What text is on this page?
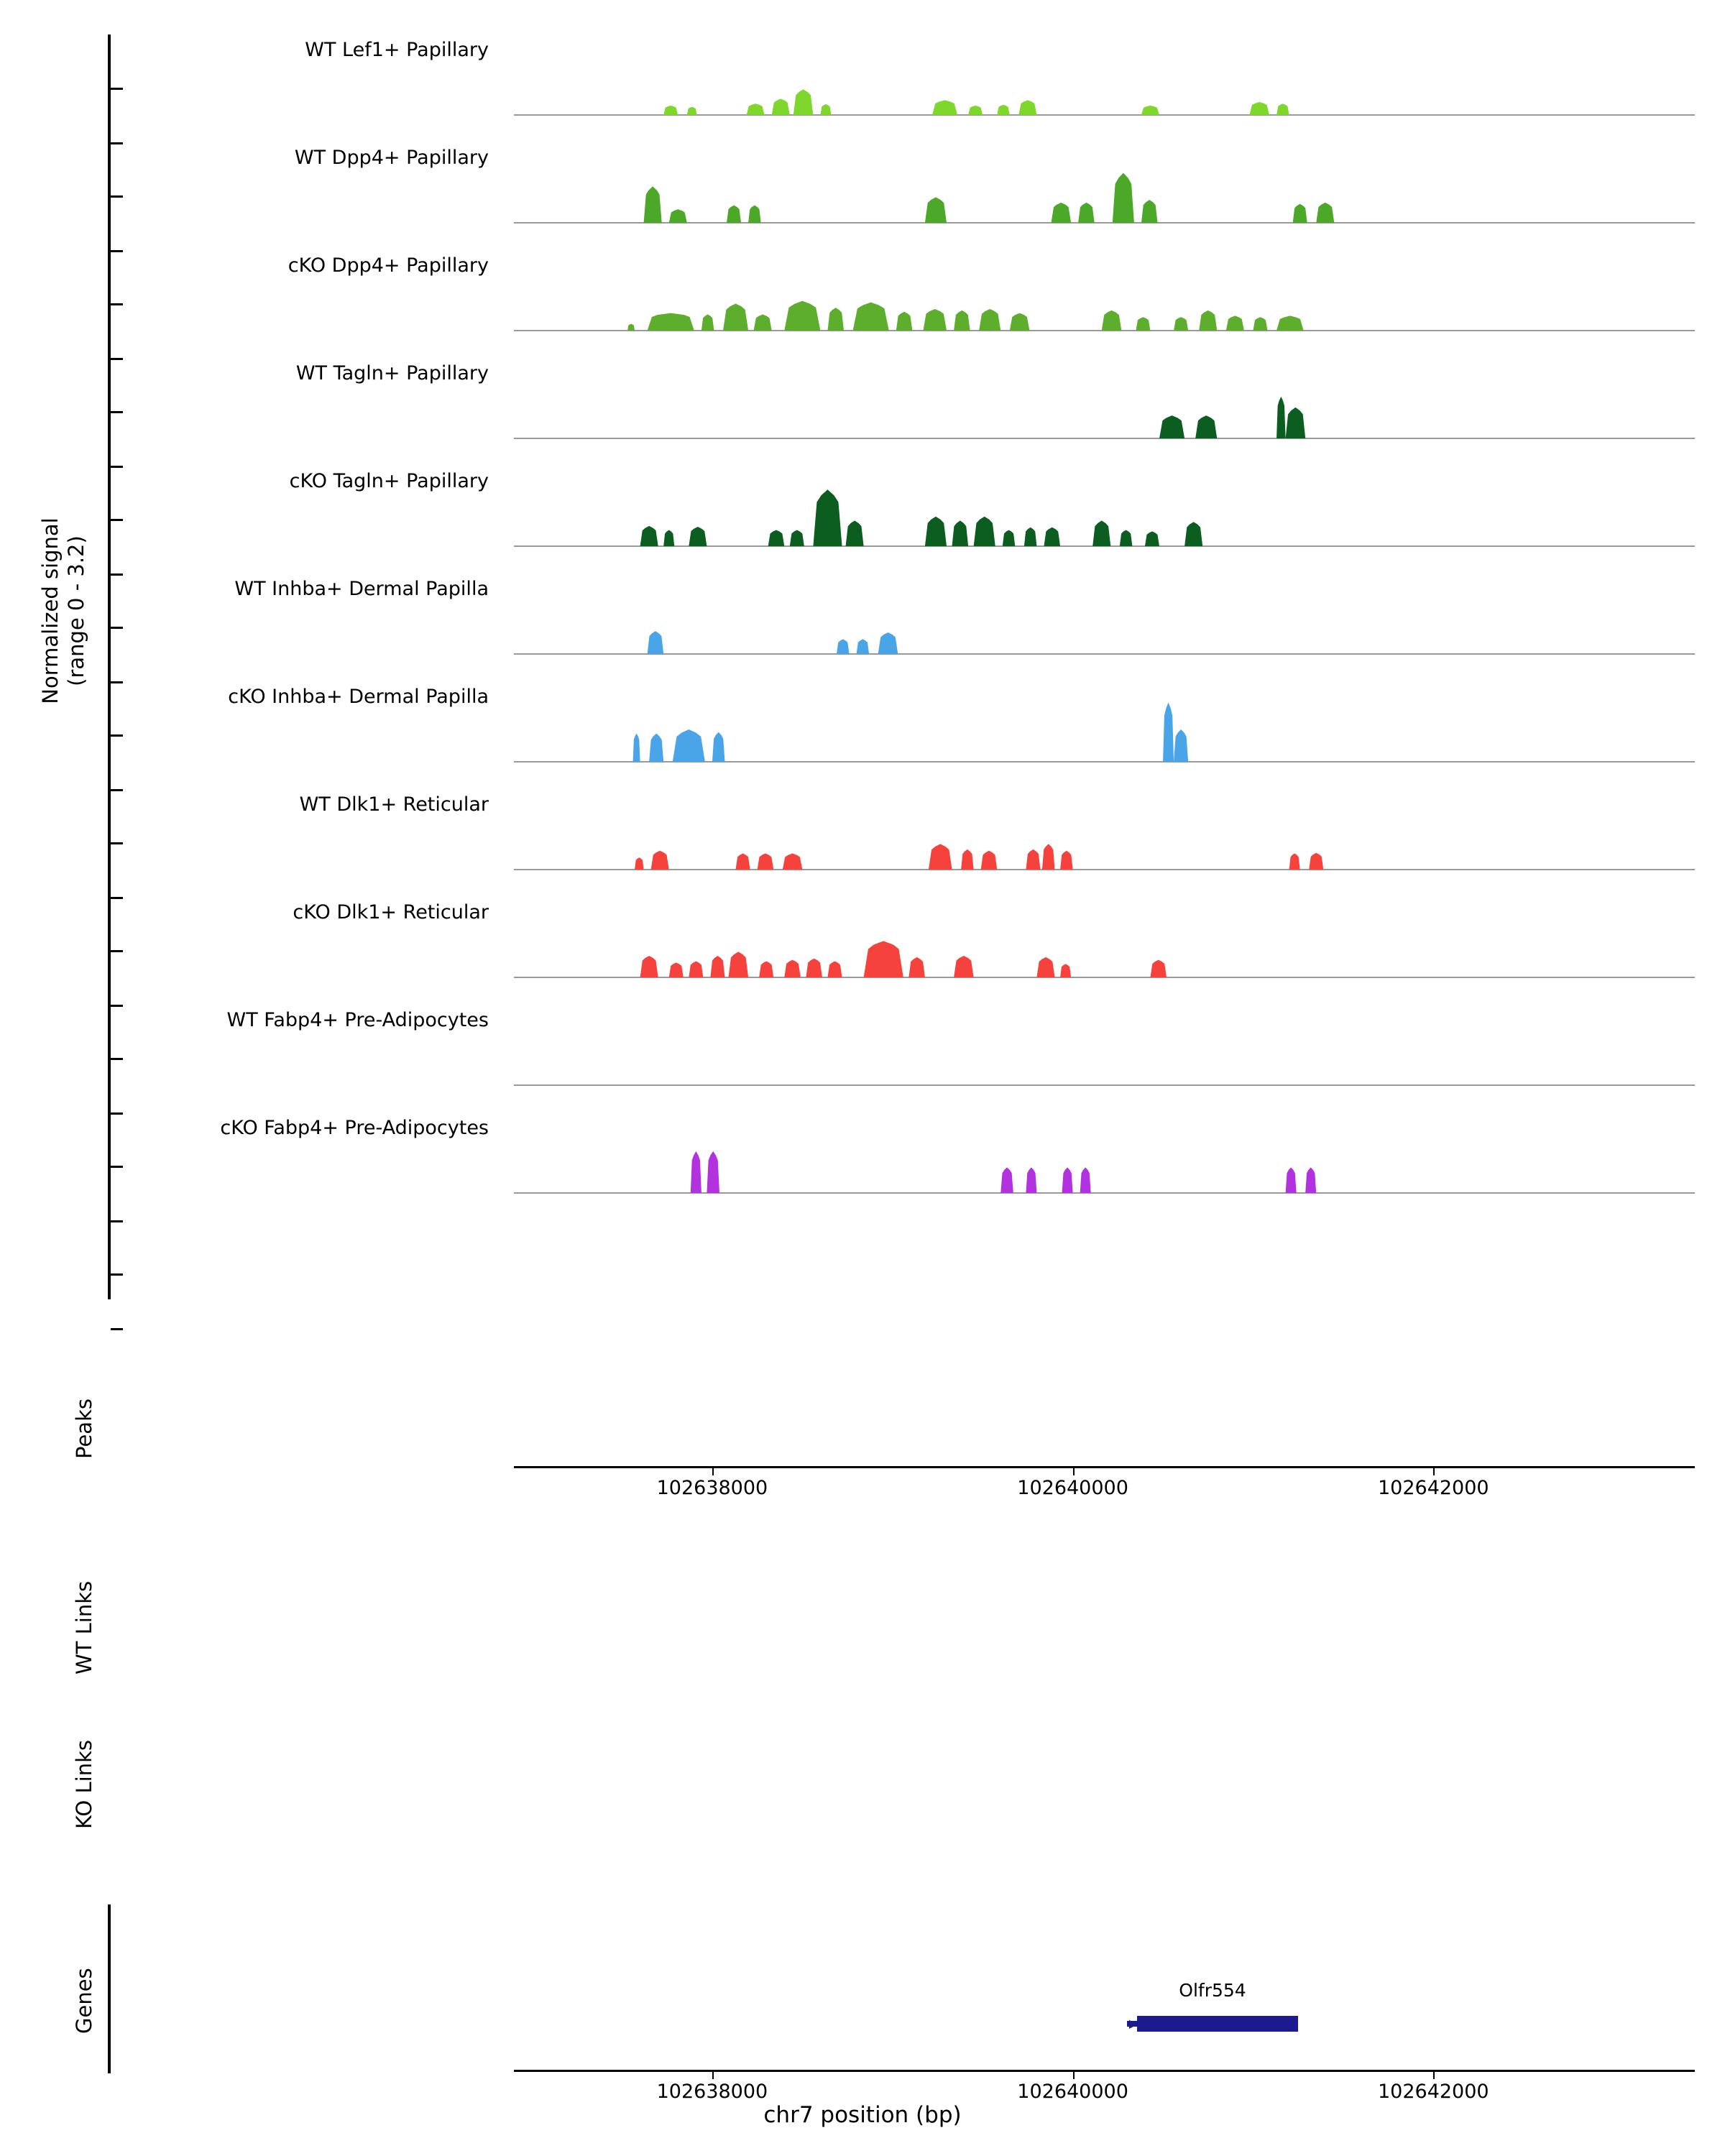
Normalized signal
(range 0 - 3.2)
Peaks
WT Links
KO Links
Genes
WT Lef1+ Papillary
WT Dpp4+ Papillary
cKO Dpp4+ Papillary
WT Tagln+ Papillary
cKO Tagln+ Papillary
WT Inhba+ Dermal Papilla
cKO Inhba+ Dermal Papilla
WT Dlk1+ Reticular
cKO Dlk1+ Reticular
WT Fabp4+ Pre-Adipocytes
cKO Fabp4+ Pre-Adipocytes
102638000	102640000	102642000
102638000	102640000	102642000
chr7 position (bp)
Olfr554
▶
